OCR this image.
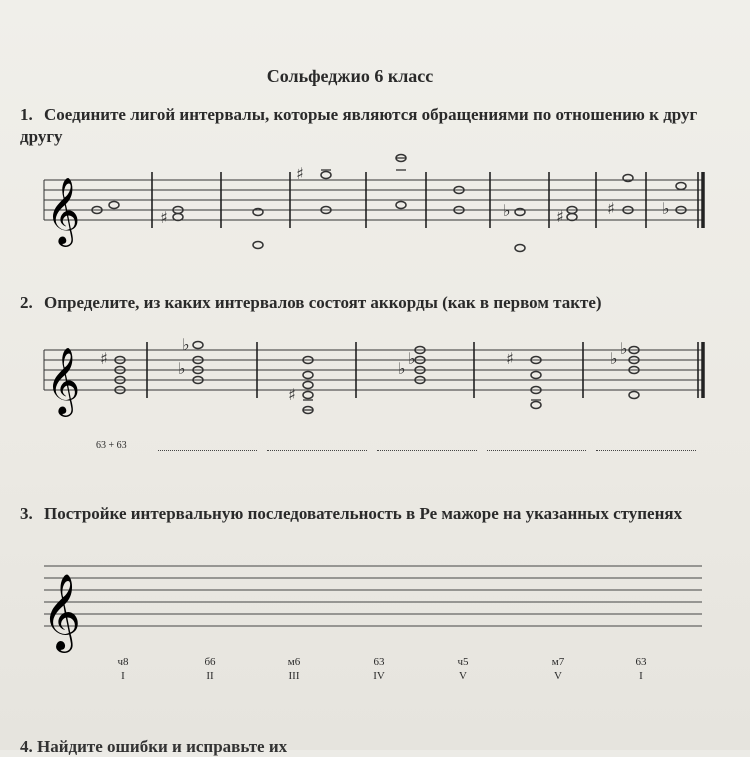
Сольфеджио 6 класс
1. Соедините лигой интервалы, которые являются обращениями по отношению к друг другу
𝄞	♯
♯
♭	♯	♯	♭
2. Определите, из каких интервалов состоят аккорды (как в первом такте)
𝄞 ♯
♭
♭
♯
♭
♭	♯	♭
♭
63 + 63
3. Постройке интервальную последовательность в Ре мажоре на указанных ступенях
𝄞
ч8
I
б6
II
м6
III
63
IV
ч5
V
м7
V
63
I
4. Найдите ошибки и исправьте их
